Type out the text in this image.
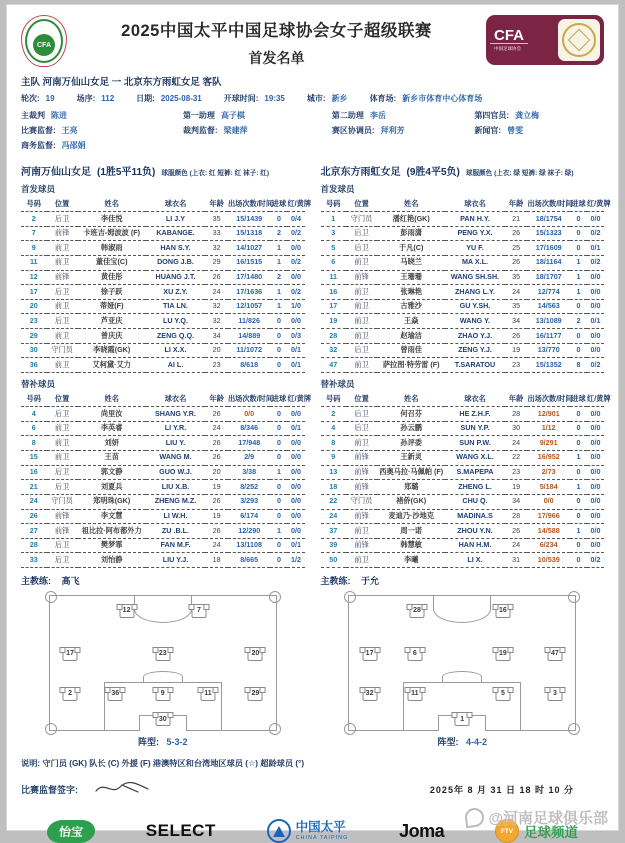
CFA
2025中国太平中国足球协会女子超级联赛
首发名单
CFA
中国足球协会
主队 河南万仙山女足 一 北京东方雨虹女足 客队
轮次: 19	场序: 112	日期: 2025-08-31	开球时间: 19:35	城市: 新乡	体育场: 新乡市体育中心体育场
主裁判 陈进	第一助理 高子棋	第二助理 李岳	第四官员: 龚立梅
比赛监督: 王亮	裁判监督: 梁建萍	赛区协调员: 拜利芳	新闻官: 曾雯
商务监督: 冯邵娟
河南万仙山女足 (1胜5平11负) 球服颜色 (上衣: 红 短裤: 红 袜子: 红)
首发球员
号码	位置	姓名	球衣名	年龄	出场次数/时间	进球	红/黄牌
2	后卫	李佳悦	LI J.Y	35	15/1439	0	0/4
7	前锋	卡班吉-姆波波 (F)	KABANGE.	33	15/1318	2	0/2
9	前卫	韩淑雨	HAN S.Y.	32	14/1027	1	0/0
11	前卫	董佳宝(C)	DONG J.B.	29	16/1515	1	0/2
12	前锋	黄佳彤	HUANG J.T.	26	17/1480	2	0/0
17	后卫	徐子跃	XU Z.Y.	24	17/1636	1	0/2
20	前卫	蒂娅(F)	TIA LN.	32	12/1057	1	1/0
23	后卫	芦亚庆	LU Y.Q.	32	11/826	0	0/0
29	前卫	曾庆庆	ZENG Q.Q.	34	14/889	0	0/3
30	守门员	李晓霞(GK)	LI X.X.	20	11/1072	0	0/1
36	前卫	艾柯黛·艾力	AI L.	23	8/618	0	0/1
替补球员
号码	位置	姓名	球衣名	年龄	出场次数/时间	进球	红/黄牌
4	后卫	尚里汝	SHANG Y.R.	26	0/0	0	0/0
6	前卫	李英睿	LI Y.R.	24	8/346	0	0/1
8	前卫	刘妍	LIU Y.	26	17/948	0	0/0
15	前卫	王苗	WANG M.	26	2/9	0	0/0
16	后卫	郭文静	GUO W.J.	20	3/38	1	0/0
21	后卫	刘夏兵	LIU X.B.	19	8/252	0	0/0
24	守门员	郑明珠(GK)	ZHENG M.Z.	26	3/293	0	0/0
26	前锋	李文慧	LI W.H.	19	6/174	0	0/0
27	前锋	祖比拉·阿布都外力	ZU .B.L.	26	12/290	1	0/0
28	后卫	樊梦霏	FAN M.F.	24	13/1108	0	0/1
33	后卫	刘怡静	LIU Y.J.	18	8/665	0	1/2
主教练: 高飞
12	7
17	23	20
2	36	9	11	29
30
阵型: 5-3-2
北京东方雨虹女足 (9胜4平5负) 球服颜色 (上衣: 绿 短裤: 绿 袜子: 绿)
首发球员
号码	位置	姓名	球衣名	年龄	出场次数/时间	进球	红/黄牌
1	守门员	潘红艳(GK)	PAN H.Y.	21	18/1754	0	0/0
3	后卫	彭雨潇	PENG Y.X.	26	15/1323	0	0/2
5	后卫	于凡(C)	YU F.	25	17/1609	0	0/1
6	前卫	马晓兰	MA X.L.	26	18/1164	1	0/2
11	前锋	王珊珊	WANG SH.SH.	35	18/1707	1	0/0
16	前卫	张琳艳	ZHANG L.Y.	24	12/774	1	0/0
17	前卫	古雅沙	GU Y.SH.	35	14/563	0	0/0
19	前卫	王焱	WANG Y.	34	13/1089	2	0/1
28	前卫	赵瑜洁	ZHAO Y.J.	26	16/1177	0	0/0
32	后卫	曾雨佳	ZENG Y.J.	19	13/770	0	0/0
47	前卫	萨拉图·特劳雷 (F)	T.SARATOU	23	15/1352	8	0/2
替补球员
号码	位置	姓名	球衣名	年龄	出场次数/时间	进球	红/黄牌
2	后卫	何召芬	HE Z.H.F.	28	12/901	0	0/0
4	后卫	孙云鹏	SUN Y.P.	30	1/12	0	0/0
8	前卫	孙评委	SUN P.W.	24	9/291	0	0/0
9	前锋	王新灵	WANG X.L.	22	16/952	1	0/0
13	前锋	西奥马拉·马佩帕 (F)	S.MAPEPA	23	2/73	0	0/0
18	前锋	郑璐	ZHENG L.	19	5/184	1	0/0
22	守门员	褚侨(GK)	CHU Q.	34	0/0	0	0/0
24	前锋	麦迪乃·沙地克	MADINA.S	28	17/966	0	0/0
37	前卫	周一诺	ZHOU Y.N.	26	14/588	1	0/0
39	前锋	韩慧敏	HAN H.M.	24	6/234	0	0/0
50	前卫	李曦	LI X.	31	10/539	0	0/2
主教练: 于允
28	16
17	6	19	47
32	11	5	3
1
阵型: 4-4-2
说明: 守门员 (GK) 队长 (C) 外援 (F) 港澳特区和台湾地区球员 (☆) 超龄球员 (°)
比赛监督签字:	2025年 8 月 31 日 18 时 10 分
怡宝	SELECT	中国太平
CHINA TAIPING	Joma	FTV 足球频道
@河南足球俱乐部
